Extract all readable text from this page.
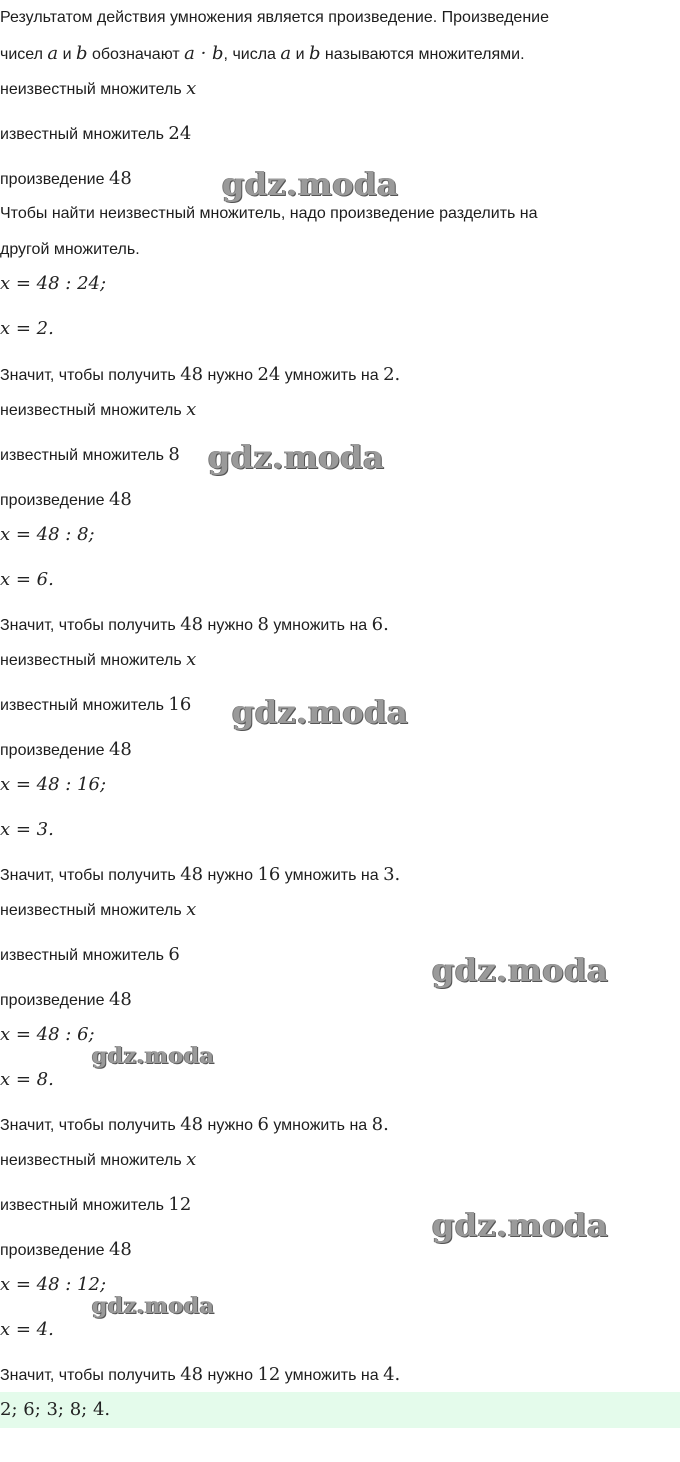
Результатом действия умножения является произведение. Произведение
чисел a и b обозначают a · b, числа a и b называются множителями.
неизвестный множитель x
известный множитель 24
произведение 48
Чтобы найти неизвестный множитель, надо произведение разделить на
другой множитель.
x = 48 : 24;
x = 2.
Значит, чтобы получить 48 нужно 24 умножить на 2.
неизвестный множитель x
известный множитель 8
произведение 48
x = 48 : 8;
x = 6.
Значит, чтобы получить 48 нужно 8 умножить на 6.
неизвестный множитель x
известный множитель 16
произведение 48
x = 48 : 16;
x = 3.
Значит, чтобы получить 48 нужно 16 умножить на 3.
неизвестный множитель x
известный множитель 6
произведение 48
x = 48 : 6;
x = 8.
Значит, чтобы получить 48 нужно 6 умножить на 8.
неизвестный множитель x
известный множитель 12
произведение 48
x = 48 : 12;
x = 4.
Значит, чтобы получить 48 нужно 12 умножить на 4.
2; 6; 3; 8; 4.
gdz.moda
gdz.moda
gdz.moda
gdz.moda
gdz.moda
gdz.moda
gdz.moda
